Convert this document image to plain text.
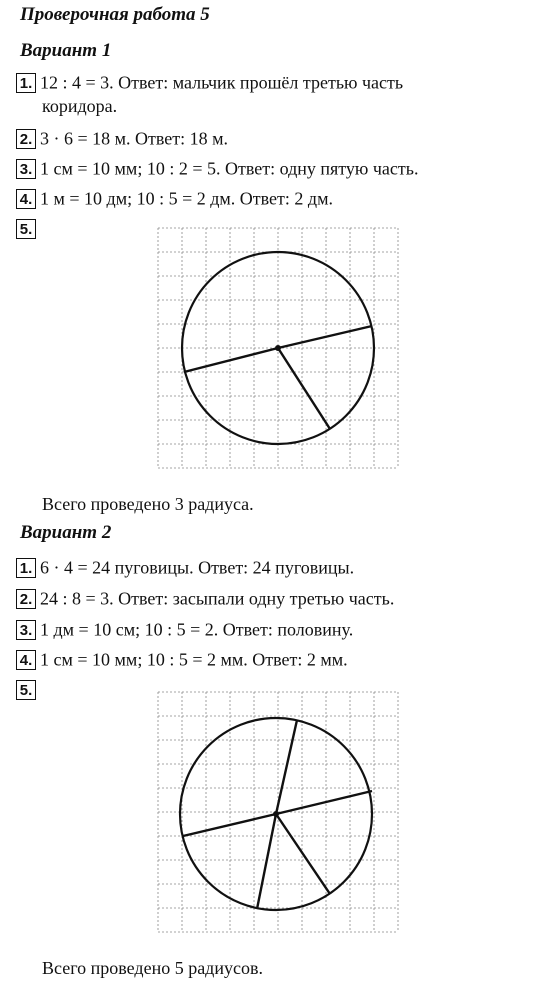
Проверочная работа 5
Вариант 1
1. 12 : 4 = 3. Ответ: мальчик прошёл третью часть
коридора.
2. 3 · 6 = 18 м. Ответ: 18 м.
3. 1 см = 10 мм; 10 : 2 = 5. Ответ: одну пятую часть.
4. 1 м = 10 дм; 10 : 5 = 2 дм. Ответ: 2 дм.
5.
Всего проведено 3 радиуса.
Вариант 2
1. 6 · 4 = 24 пуговицы. Ответ: 24 пуговицы.
2. 24 : 8 = 3. Ответ: засыпали одну третью часть.
3. 1 дм = 10 см; 10 : 5 = 2. Ответ: половину.
4. 1 см = 10 мм; 10 : 5 = 2 мм. Ответ: 2 мм.
5.
Всего проведено 5 радиусов.
